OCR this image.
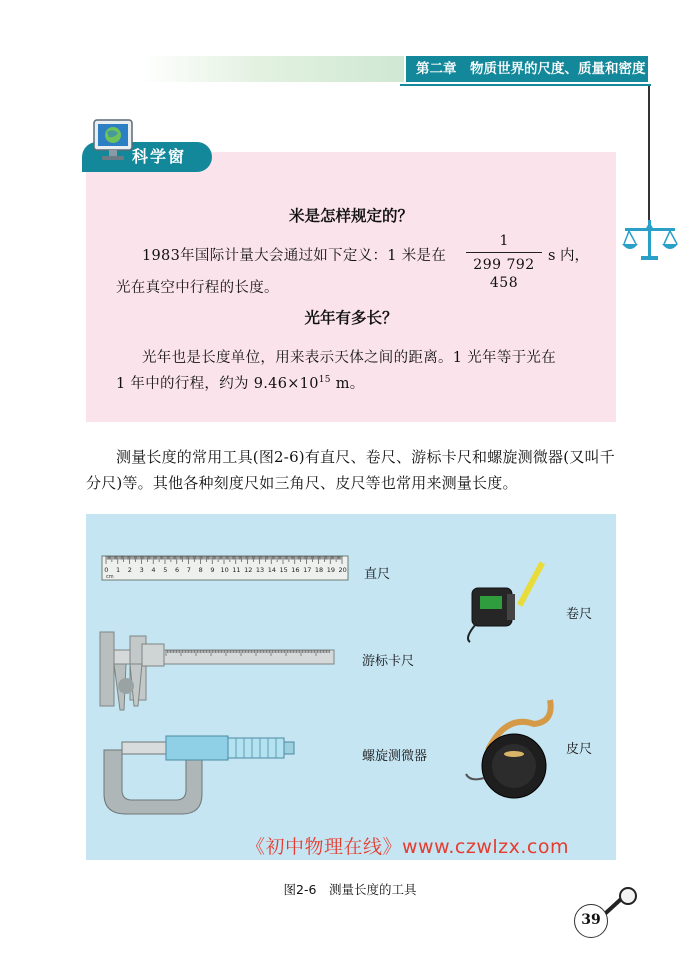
第二章　物质世界的尺度、质量和密度
科学窗
米是怎样规定的？
1983年国际计量大会通过如下定义：1 米是在
1
299 792 458
s 内，
光在真空中行程的长度。
光年有多长？
光年也是长度单位，用来表示天体之间的距离。1 光年等于光在
1 年中的行程，约为 $9.46\times 10^{15}$ m。
测量长度的常用工具(图2-6)有直尺、卷尺、游标卡尺和螺旋测微器(又叫千
分尺)等。其他各种刻度尺如三角尺、皮尺等也常用来测量长度。
0 1 2 3 4 5 6 7 8 9 10 11 12 13 14 15 16 17 18 19 20
cm	直尺
卷尺
游标卡尺
皮尺
螺旋测微器
《初中物理在线》www.czwlzx.com
图2-6　测量长度的工具
39
